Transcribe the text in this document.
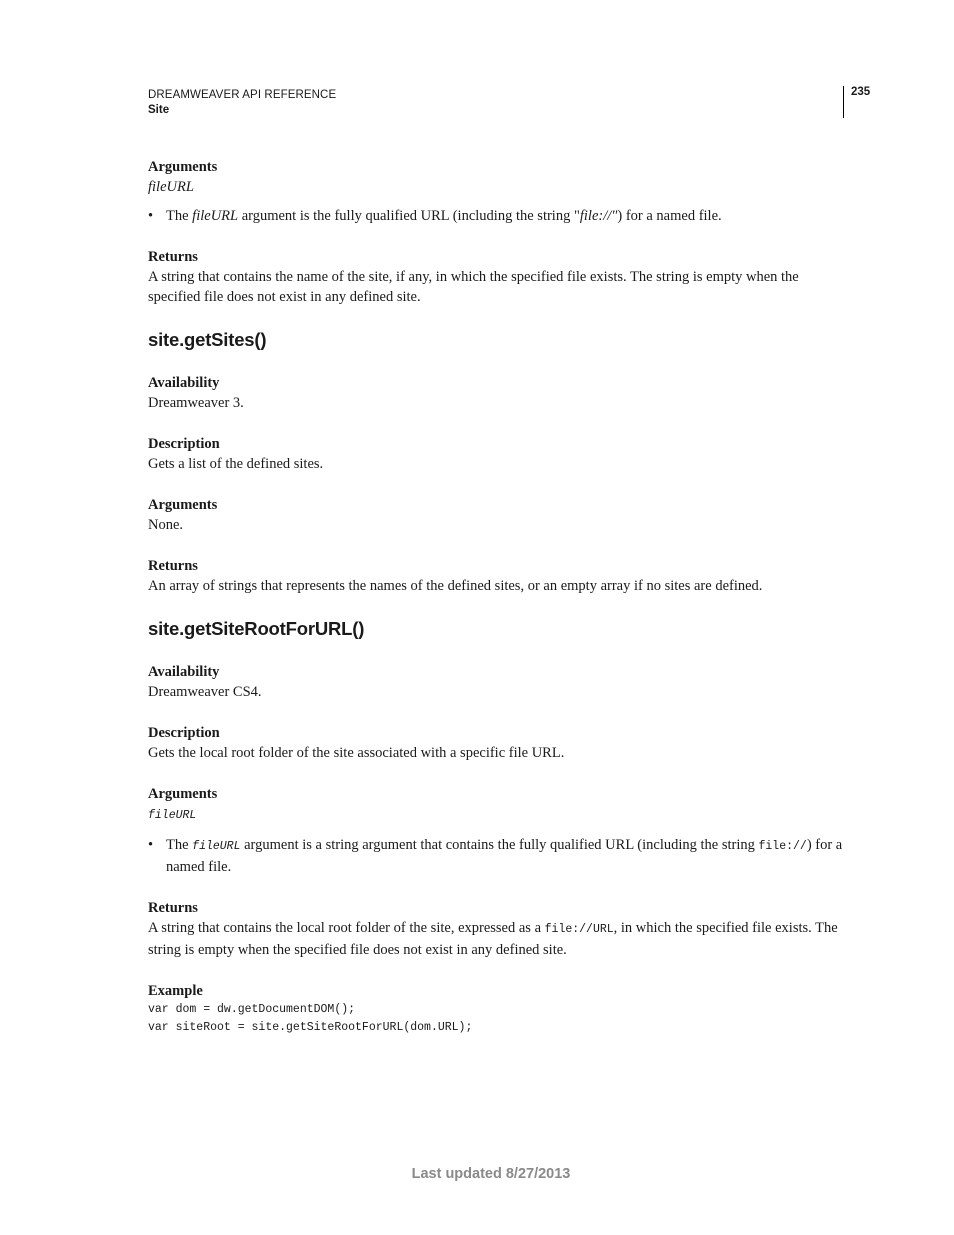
DREAMWEAVER API REFERENCE
Site
235

Arguments

fileURL

• The fileURL argument is the fully qualified URL (including the string "file://") for a named file.

Returns

A string that contains the name of the site, if any, in which the specified file exists. The string is empty when the specified file does not exist in any defined site.

site.getSites()

Availability

Dreamweaver 3.

Description

Gets a list of the defined sites.

Arguments

None.

Returns

An array of strings that represents the names of the defined sites, or an empty array if no sites are defined.

site.getSiteRootForURL()

Availability

Dreamweaver CS4.

Description

Gets the local root folder of the site associated with a specific file URL.

Arguments

fileURL

• The fileURL argument is a string argument that contains the fully qualified URL (including the string file://) for a named file.

Returns

A string that contains the local root folder of the site, expressed as a file://URL, in which the specified file exists. The string is empty when the specified file does not exist in any defined site.

Example

var dom = dw.getDocumentDOM();

var siteRoot = site.getSiteRootForURL(dom.URL);

Last updated 8/27/2013
